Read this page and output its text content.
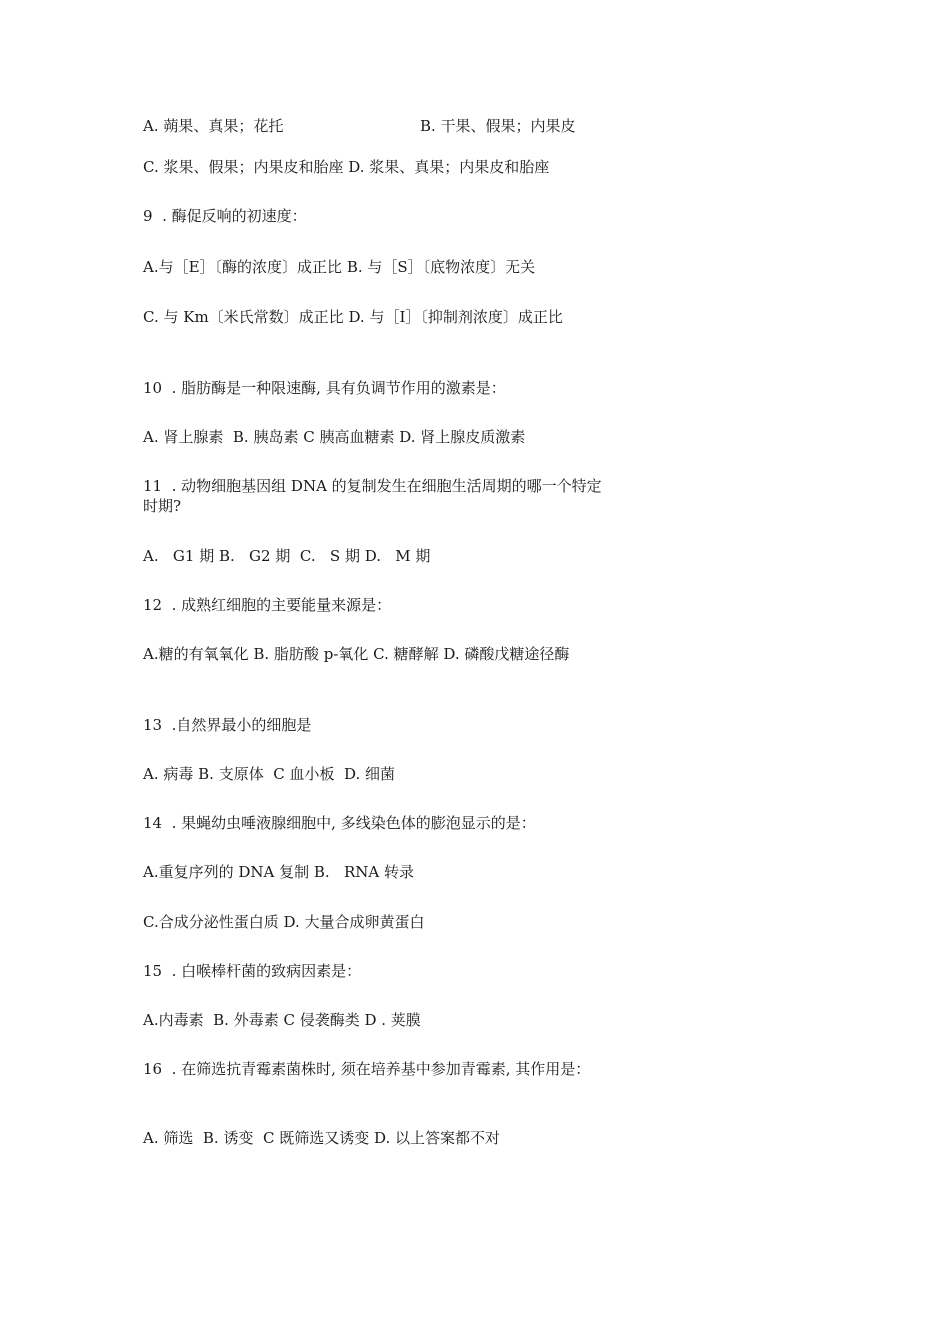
A. 蒴果、真果；花托	B. 干果、假果；内果皮
C. 浆果、假果；内果皮和胎座 D. 浆果、真果；内果皮和胎座
9  . 酶促反响的初速度：
A.与［E］〔酶的浓度〕成正比 B. 与［S］〔底物浓度〕无关
C. 与 Km〔米氏常数〕成正比 D. 与［I］〔抑制剂浓度〕成正比
10  . 脂肪酶是一种限速酶, 具有负调节作用的激素是：
A. 肾上腺素  B. 胰岛素 C 胰高血糖素 D. 肾上腺皮质激素
11  . 动物细胞基因组 DNA 的复制发生在细胞生活周期的哪一个特定时期?
A.   G1 期 B.   G2 期  C.   S 期 D.   M 期
12  . 成熟红细胞的主要能量来源是：
A.糖的有氧氧化 B. 脂肪酸 p-氧化 C. 糖酵解 D. 磷酸戊糖途径酶
13  .自然界最小的细胞是
A. 病毒 B. 支原体  C 血小板  D. 细菌
14  . 果蝇幼虫唾液腺细胞中, 多线染色体的膨泡显示的是：
A.重复序列的 DNA 复制 B.   RNA 转录
C.合成分泌性蛋白质 D. 大量合成卵黄蛋白
15  . 白喉棒杆菌的致病因素是：
A.内毒素  B. 外毒素 C 侵袭酶类 D . 荚膜
16  . 在筛选抗青霉素菌株时, 须在培养基中参加青霉素, 其作用是：
A. 筛选  B. 诱变  C 既筛选又诱变 D. 以上答案都不对
